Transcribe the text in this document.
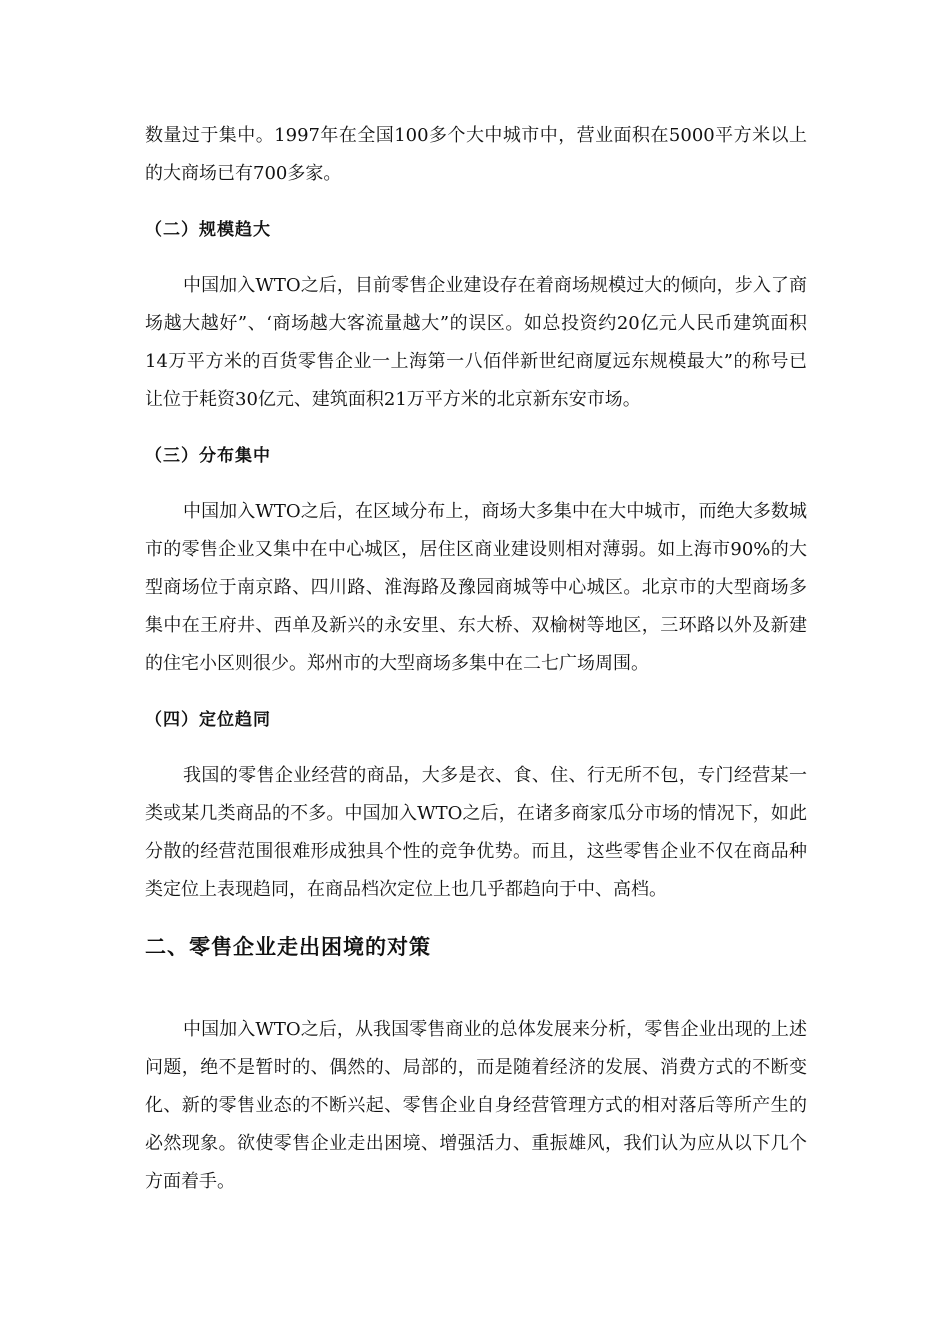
数量过于集中。1997年在全国100多个大中城市中，营业面积在5000平方米以上的大商场已有700多家。

（二）规模趋大

中国加入WTO之后，目前零售企业建设存在着商场规模过大的倾向，步入了商场越大越好”、‘商场越大客流量越大”的误区。如总投资约20亿元人民币建筑面积14万平方米的百货零售企业一上海第一八佰伴新世纪商厦远东规模最大”的称号已让位于耗资30亿元、建筑面积21万平方米的北京新东安市场。

（三）分布集中

中国加入WTO之后，在区域分布上，商场大多集中在大中城市，而绝大多数城市的零售企业又集中在中心城区，居住区商业建设则相对薄弱。如上海市90%的大型商场位于南京路、四川路、淮海路及豫园商城等中心城区。北京市的大型商场多集中在王府井、西单及新兴的永安里、东大桥、双榆树等地区，三环路以外及新建的住宅小区则很少。郑州市的大型商场多集中在二七广场周围。

（四）定位趋同

我国的零售企业经营的商品，大多是衣、食、住、行无所不包，专门经营某一类或某几类商品的不多。中国加入WTO之后，在诸多商家瓜分市场的情况下，如此分散的经营范围很难形成独具个性的竞争优势。而且，这些零售企业不仅在商品种类定位上表现趋同，在商品档次定位上也几乎都趋向于中、高档。

二、零售企业走出困境的对策

中国加入WTO之后，从我国零售商业的总体发展来分析，零售企业出现的上述问题，绝不是暂时的、偶然的、局部的，而是随着经济的发展、消费方式的不断变化、新的零售业态的不断兴起、零售企业自身经营管理方式的相对落后等所产生的必然现象。欲使零售企业走出困境、增强活力、重振雄风，我们认为应从以下几个方面着手。
